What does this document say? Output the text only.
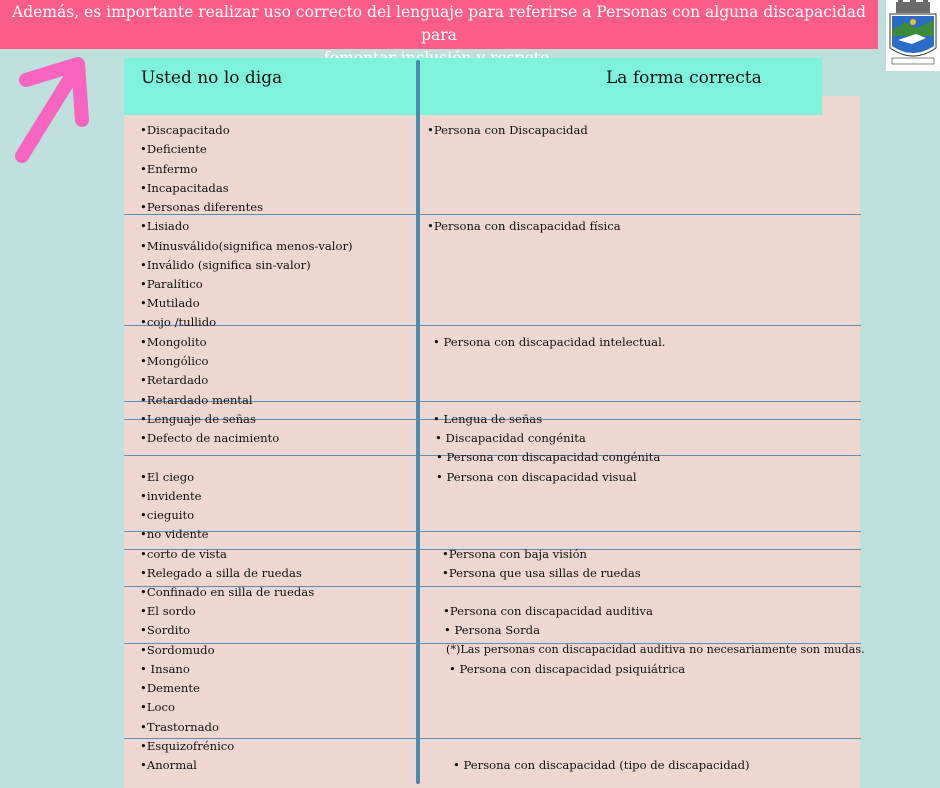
Además, es importante realizar uso correcto del lenguaje para referirse a Personas con alguna discapacidad para
Usted no lo diga	La forma correcta
•Discapacitado
•Deficiente
•Enfermo
•Incapacitadas
•Personas diferentes
•Lisiado
•Minusválido(significa menos-valor)
•Inválido (significa sin-valor)
•Paralítico
•Mutilado
•cojo /tullido
•Mongolito
•Mongólico
•Retardado
•Retardado mental
•Lenguaje de señas
•Defecto de nacimiento
•El ciego
•invidente
•cieguito
•no vidente
•corto de vista
•Relegado a silla de ruedas
•Confinado en silla de ruedas
•El sordo
•Sordito
•Sordomudo
• Insano
•Demente
•Loco
•Trastornado
•Esquizofrénico
•Anormal
•Persona con Discapacidad
•Persona con discapacidad física
• Persona con discapacidad intelectual.
• Lengua de señas
• Discapacidad congénita
• Persona con discapacidad congénita
• Persona con discapacidad visual
•Persona con baja visión
•Persona que usa sillas de ruedas
•Persona con discapacidad auditiva
• Persona Sorda
(*)Las personas con discapacidad auditiva no necesariamente son mudas.
• Persona con discapacidad psiquiátrica
• Persona con discapacidad (tipo de discapacidad)
